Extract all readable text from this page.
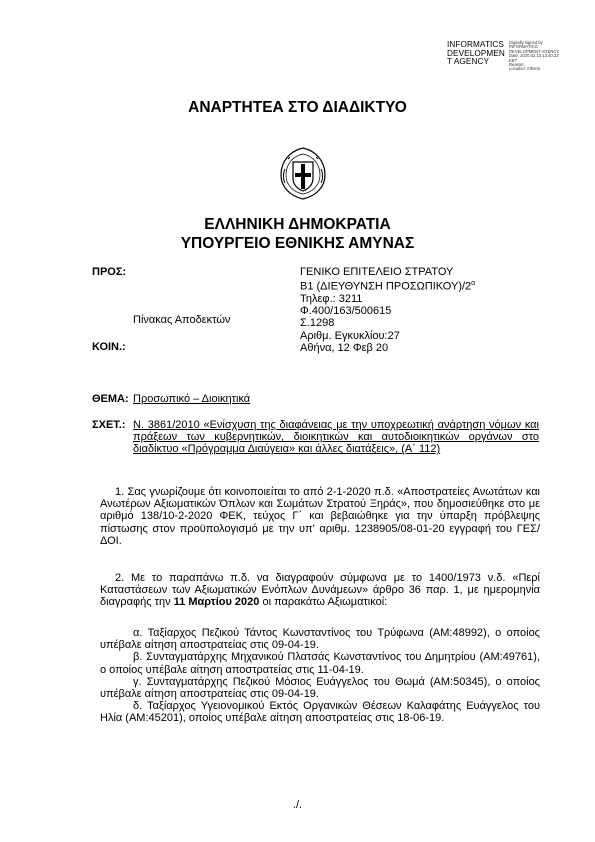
INFORMATICS
DEVELOPMEN
T AGENCY
Digitally signed by
INFORMATICS
DEVELOPMENT AGENCY
Date: 2020.02.13 13:40:23
EET
Reason:
Location: Athens
ΑΝΑΡΤΗΤΕΑ ΣΤΟ ΔΙΑΔΙΚΤΥΟ
ΕΛΛΗΝΙΚΗ ΔΗΜΟΚΡΑΤΙΑ
ΥΠΟΥΡΓΕΙΟ ΕΘΝΙΚΗΣ ΑΜΥΝΑΣ
ΠΡΟΣ:
ΚΟΙΝ.:
Πίνακας Αποδεκτών
ΓΕΝΙΚΟ ΕΠΙΤΕΛΕΙΟ ΣΤΡΑΤΟΥ
Β1 (ΔΙΕΥΘΥΝΣΗ $\Pi PO\Sigma\Omega\Pi IKO\Upsilon)/2^\alpha$
Τηλεφ.: 3211
Φ.400/163/500615
Σ.1298
Αριθμ. Εγκυκλίου:27
Αθήνα, 12 Φεβ 20
ΘΕΜΑ: Προσωπικό – Διοικητικά
ΣΧΕΤ.: Ν. 3861/2010 «Ενίσχυση της διαφάνειας με την υποχρεωτική ανάρτηση νόμων και πράξεων των κυβερνητικών, διοικητικών και αυτοδιοικητικών οργάνων στο διαδίκτυο «Πρόγραμμα Διαύγεια» και άλλες διατάξεις», (Α΄ 112)
1. Σας γνωρίζουμε ότι κοινοποιείται το από 2-1-2020 π.δ. «Αποστρατείες Ανωτάτων και Ανωτέρων Αξιωματικών Όπλων και Σωμάτων Στρατού Ξηράς», που δημοσιεύθηκε στο με αριθμό 138/10-2-2020 ΦΕΚ, τεύχος Γ΄ και βεβαιώθηκε για την ύπαρξη πρόβλεψης πίστωσης στον προϋπολογισμό με την υπ' αριθμ. 1238905/08-01-20 εγγραφή του ΓΕΣ/ΔΟΙ.
2. Με το παραπάνω π.δ. να διαγραφούν σύμφωνα με το 1400/1973 ν.δ. «Περί Καταστάσεων των Αξιωματικών Ενόπλων Δυνάμεων» άρθρο 36 παρ. 1, με ημερομηνία διαγραφής την 11 Μαρτίου 2020 οι παρακάτω Αξιωματικοί:
α. Ταξίαρχος Πεζικού Τάντος Κωνσταντίνος του Τρύφωνα (ΑΜ:48992), ο οποίος υπέβαλε αίτηση αποστρατείας στις 09-04-19.
β. Συνταγματάρχης Μηχανικού Πλατσάς Κωνσταντίνος του Δημητρίου (ΑΜ:49761), ο οποίος υπέβαλε αίτηση αποστρατείας στις 11-04-19.
γ. Συνταγματάρχης Πεζικού Μόσιος Ευάγγελος του Θωμά (ΑΜ:50345), ο οποίος υπέβαλε αίτηση αποστρατείας στις 09-04-19.
δ. Ταξίαρχος Υγειονομικού Εκτός Οργανικών Θέσεων Καλαφάτης Ευάγγελος του Ηλία (ΑΜ:45201), οποίος υπέβαλε αίτηση αποστρατείας στις 18-06-19.
./.
